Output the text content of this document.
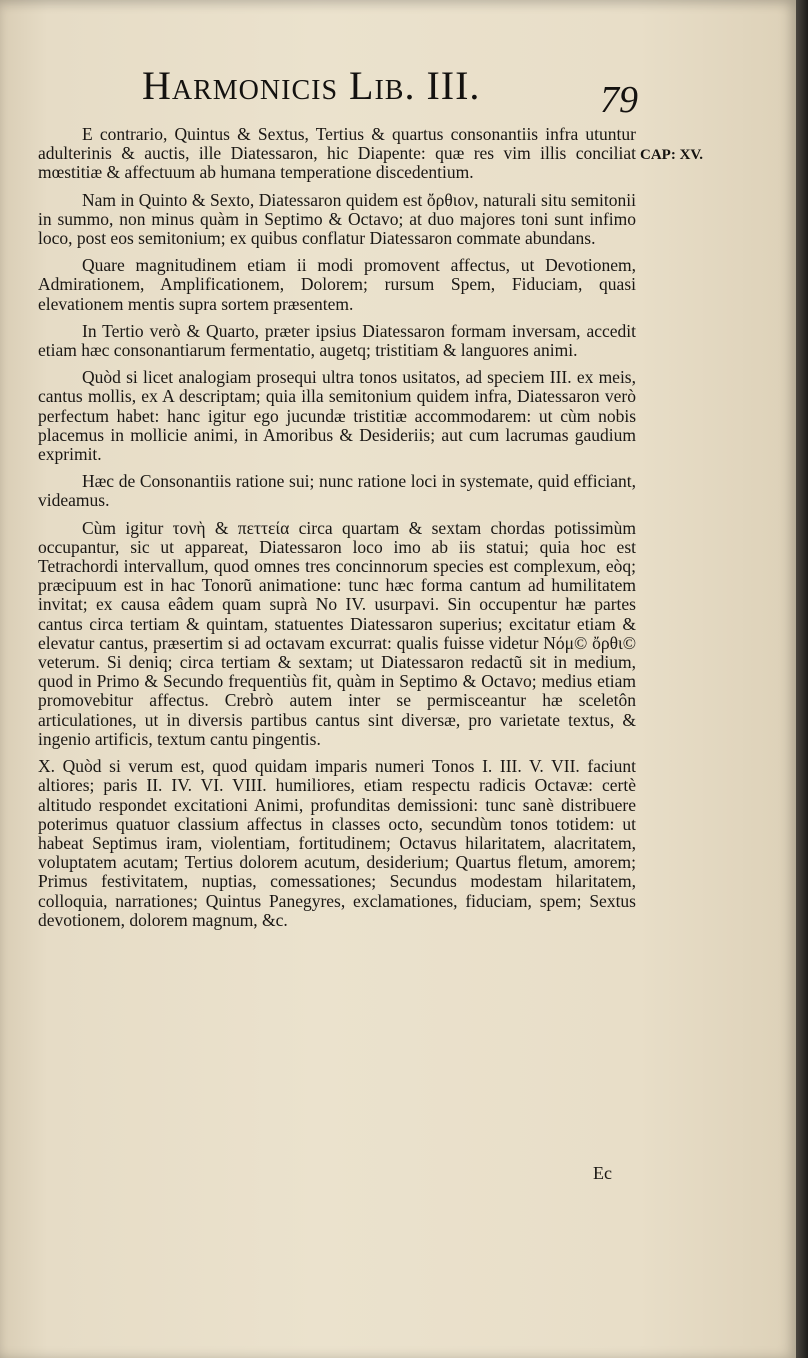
Harmonicis Lib. III.	79
CAP: XV.

E contrario, Quintus & Sextus, Tertius & quartus consonantiis infra utuntur adulterinis & auctis, ille Diatessaron, hic Diapente: quæ res vim illis conciliat mœstitiæ & affectuum ab humana temperatione discedentium.

Nam in Quinto & Sexto, Diatessaron quidem est ὄρθιον, naturali situ semitonii in summo, non minus quàm in Septimo & Octavo; at duo majores toni sunt infimo loco, post eos semitonium; ex quibus conflatur Diatessaron commate abundans.

Quare magnitudinem etiam ii modi promovent affectus, ut Devotionem, Admirationem, Amplificationem, Dolorem; rursum Spem, Fiduciam, quasi elevationem mentis supra sortem præsentem.

In Tertio verò & Quarto, præter ipsius Diatessaron formam inversam, accedit etiam hæc consonantiarum fermentatio, augetq; tristitiam & languores animi.

Quòd si licet analogiam prosequi ultra tonos usitatos, ad speciem III. ex meis, cantus mollis, ex A descriptam; quia illa semitonium quidem infra, Diatessaron verò perfectum habet: hanc igitur ego jucundæ tristitiæ accommodarem: ut cùm nobis placemus in mollicie animi, in Amoribus & Desideriis; aut cum lacrumas gaudium exprimit.

Hæc de Consonantiis ratione sui; nunc ratione loci in systemate, quid efficiant, videamus.

Cùm igitur τονὴ & πεττεία circa quartam & sextam chordas potissimùm occupantur, sic ut appareat, Diatessaron loco imo ab iis statui; quia hoc est Tetrachordi intervallum, quod omnes tres concinnorum species est complexum, eòq; præcipuum est in hac Tonorũ animatione: tunc hæc forma cantum ad humilitatem invitat; ex causa eâdem quam suprà No IV. usurpavi. Sin occupentur hæ partes cantus circa tertiam & quintam, statuentes Diatessaron superius; excitatur etiam & elevatur cantus, præsertim si ad octavam excurrat: qualis fuisse videtur Νόμ© ὄρθι© veterum. Si deniq; circa tertiam & sextam; ut Diatessaron redactũ sit in medium, quod in Primo & Secundo frequentiùs fit, quàm in Septimo & Octavo; medius etiam promovebitur affectus. Crebrò autem inter se permisceantur hæ sceletôn articulationes, ut in diversis partibus cantus sint diversæ, pro varietate textus, & ingenio artificis, textum cantu pingentis.

X. Quòd si verum est, quod quidam imparis numeri Tonos I. III. V. VII. faciunt altiores; paris II. IV. VI. VIII. humiliores, etiam respectu radicis Octavæ: certè altitudo respondet excitationi Animi, profunditas demissioni: tunc sanè distribuere poterimus quatuor classium affectus in classes octo, secundùm tonos totidem: ut habeat Septimus iram, violentiam, fortitudinem; Octavus hilaritatem, alacritatem, voluptatem acutam; Tertius dolorem acutum, desiderium; Quartus fletum, amorem; Primus festivitatem, nuptias, comessationes; Secundus modestam hilaritatem, colloquia, narrationes; Quintus Panegyres, exclamationes, fiduciam, spem; Sextus devotionem, dolorem magnum, &c.

Ec
